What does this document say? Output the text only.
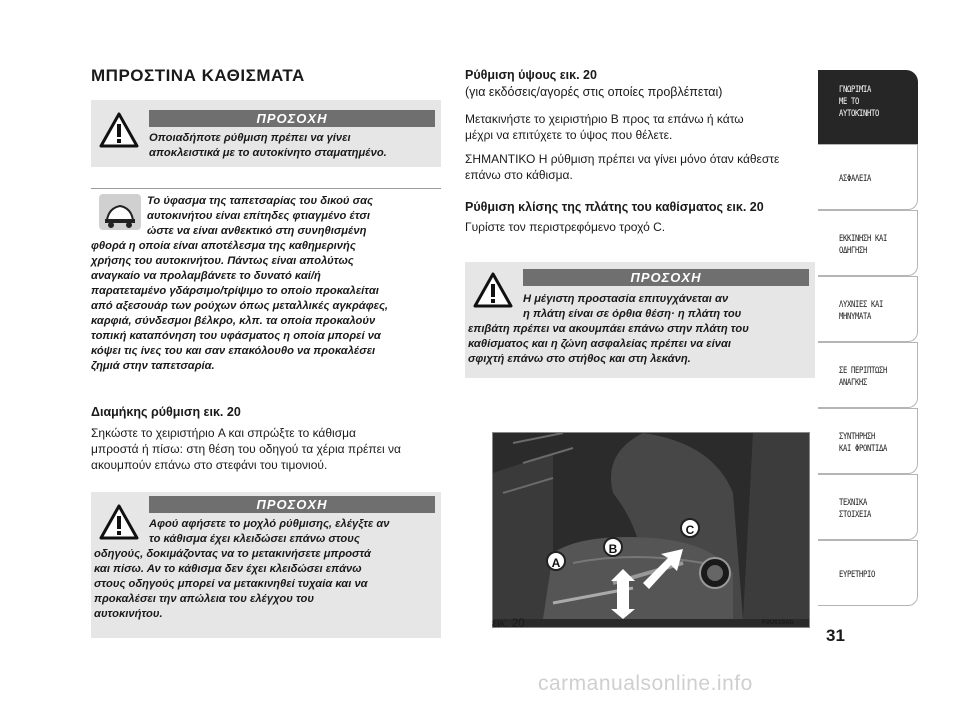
ΜΠΡΟΣΤΙΝΑ ΚΑΘΙΣΜΑΤΑ
ΠΡΟΣΟΧΗ
Οποιαδήποτε ρύθμιση πρέπει να γίνει
αποκλειστικά με το αυτοκίνητο σταματημένο.
Το ύφασμα της ταπετσαρίας του δικού σας
αυτοκινήτου είναι επίτηδες φτιαγμένο έτσι
ώστε να είναι ανθεκτικό στη συνηθισμένη
φθορά η οποία είναι αποτέλεσμα της καθημερινής
χρήσης του αυτοκινήτου. Πάντως είναι απολύτως
αναγκαίο να προλαμβάνετε το δυνατό καί/ή
παρατεταμένο γδάρσιμο/τρίψιμο το οποίο προκαλείται
από αξεσουάρ των ρούχων όπως μεταλλικές αγκράφες,
καρφιά, σύνδεσμοι βέλκρο, κλπ. τα οποία προκαλούν
τοπική καταπόνηση του υφάσματος η οποία μπορεί να
κόψει τις ίνες του και σαν επακόλουθο να προκαλέσει
ζημιά στην ταπετσαρία.
Διαμήκης ρύθμιση εικ. 20
Σηκώστε το χειριστήριο A και σπρώξτε το κάθισμα
μπροστά ή πίσω: στη θέση του οδηγού τα χέρια πρέπει να
ακουμπούν επάνω στο στεφάνι του τιμονιού.
ΠΡΟΣΟΧΗ
Αφού αφήσετε το μοχλό ρύθμισης, ελέγξτε αν
το κάθισμα έχει κλειδώσει επάνω στους
οδηγούς, δοκιμάζοντας να το μετακινήσετε μπροστά
και πίσω. Αν το κάθισμα δεν έχει κλειδώσει επάνω
στους οδηγούς μπορεί να μετακινηθεί τυχαία και να
προκαλέσει την απώλεια του ελέγχου του
αυτοκινήτου.
Ρύθμιση ύψους εικ. 20
(για εκδόσεις/αγορές στις οποίες προβλέπεται)
Μετακινήστε το χειριστήριο B προς τα επάνω ή κάτω
μέχρι να επιτύχετε το ύψος που θέλετε.
ΣΗΜΑΝΤΙΚΟ Η ρύθμιση πρέπει να γίνει μόνο όταν κάθεστε
επάνω στο κάθισμα.
Ρύθμιση κλίσης της πλάτης του καθίσματος εικ. 20
Γυρίστε τον περιστρεφόμενο τροχό C.
ΠΡΟΣΟΧΗ
Η μέγιστη προστασία επιτυγχάνεται αν
η πλάτη είναι σε όρθια θέση· η πλάτη του
επιβάτη πρέπει να ακουμπάει επάνω στην πλάτη του
καθίσματος και η ζώνη ασφαλείας πρέπει να είναι
σφιχτή επάνω στο στήθος και στη λεκάνη.
A
B
C
εικ. 20	F0U019Ab
ΓΝΩΡΙΜΊΑ
ΜΕ ΤΟ
ΑΥΤΟΚΊΝΗΤΟ
ΑΣΦΑΛΕΙΑ
ΕΚΚΙΝΗΣΗ ΚΑΙ
ΟΔΗΓΗΣΗ
ΛΥΧΝΙΕΣ ΚΑΙ
ΜΗΝΥΜΑΤΑ
ΣΕ ΠΕΡΙΠΤΩΣΗ
ΑΝΑΓΚΗΣ
ΣΥΝΤΗΡΗΣΗ
ΚΑΙ ΦΡΟΝΤΙΔΑ
ΤΕΧΝΙΚΑ
ΣΤΟΙΧΕΙΑ
ΕΥΡΕΤΗΡΙΟ
31
carmanualsonline.info
